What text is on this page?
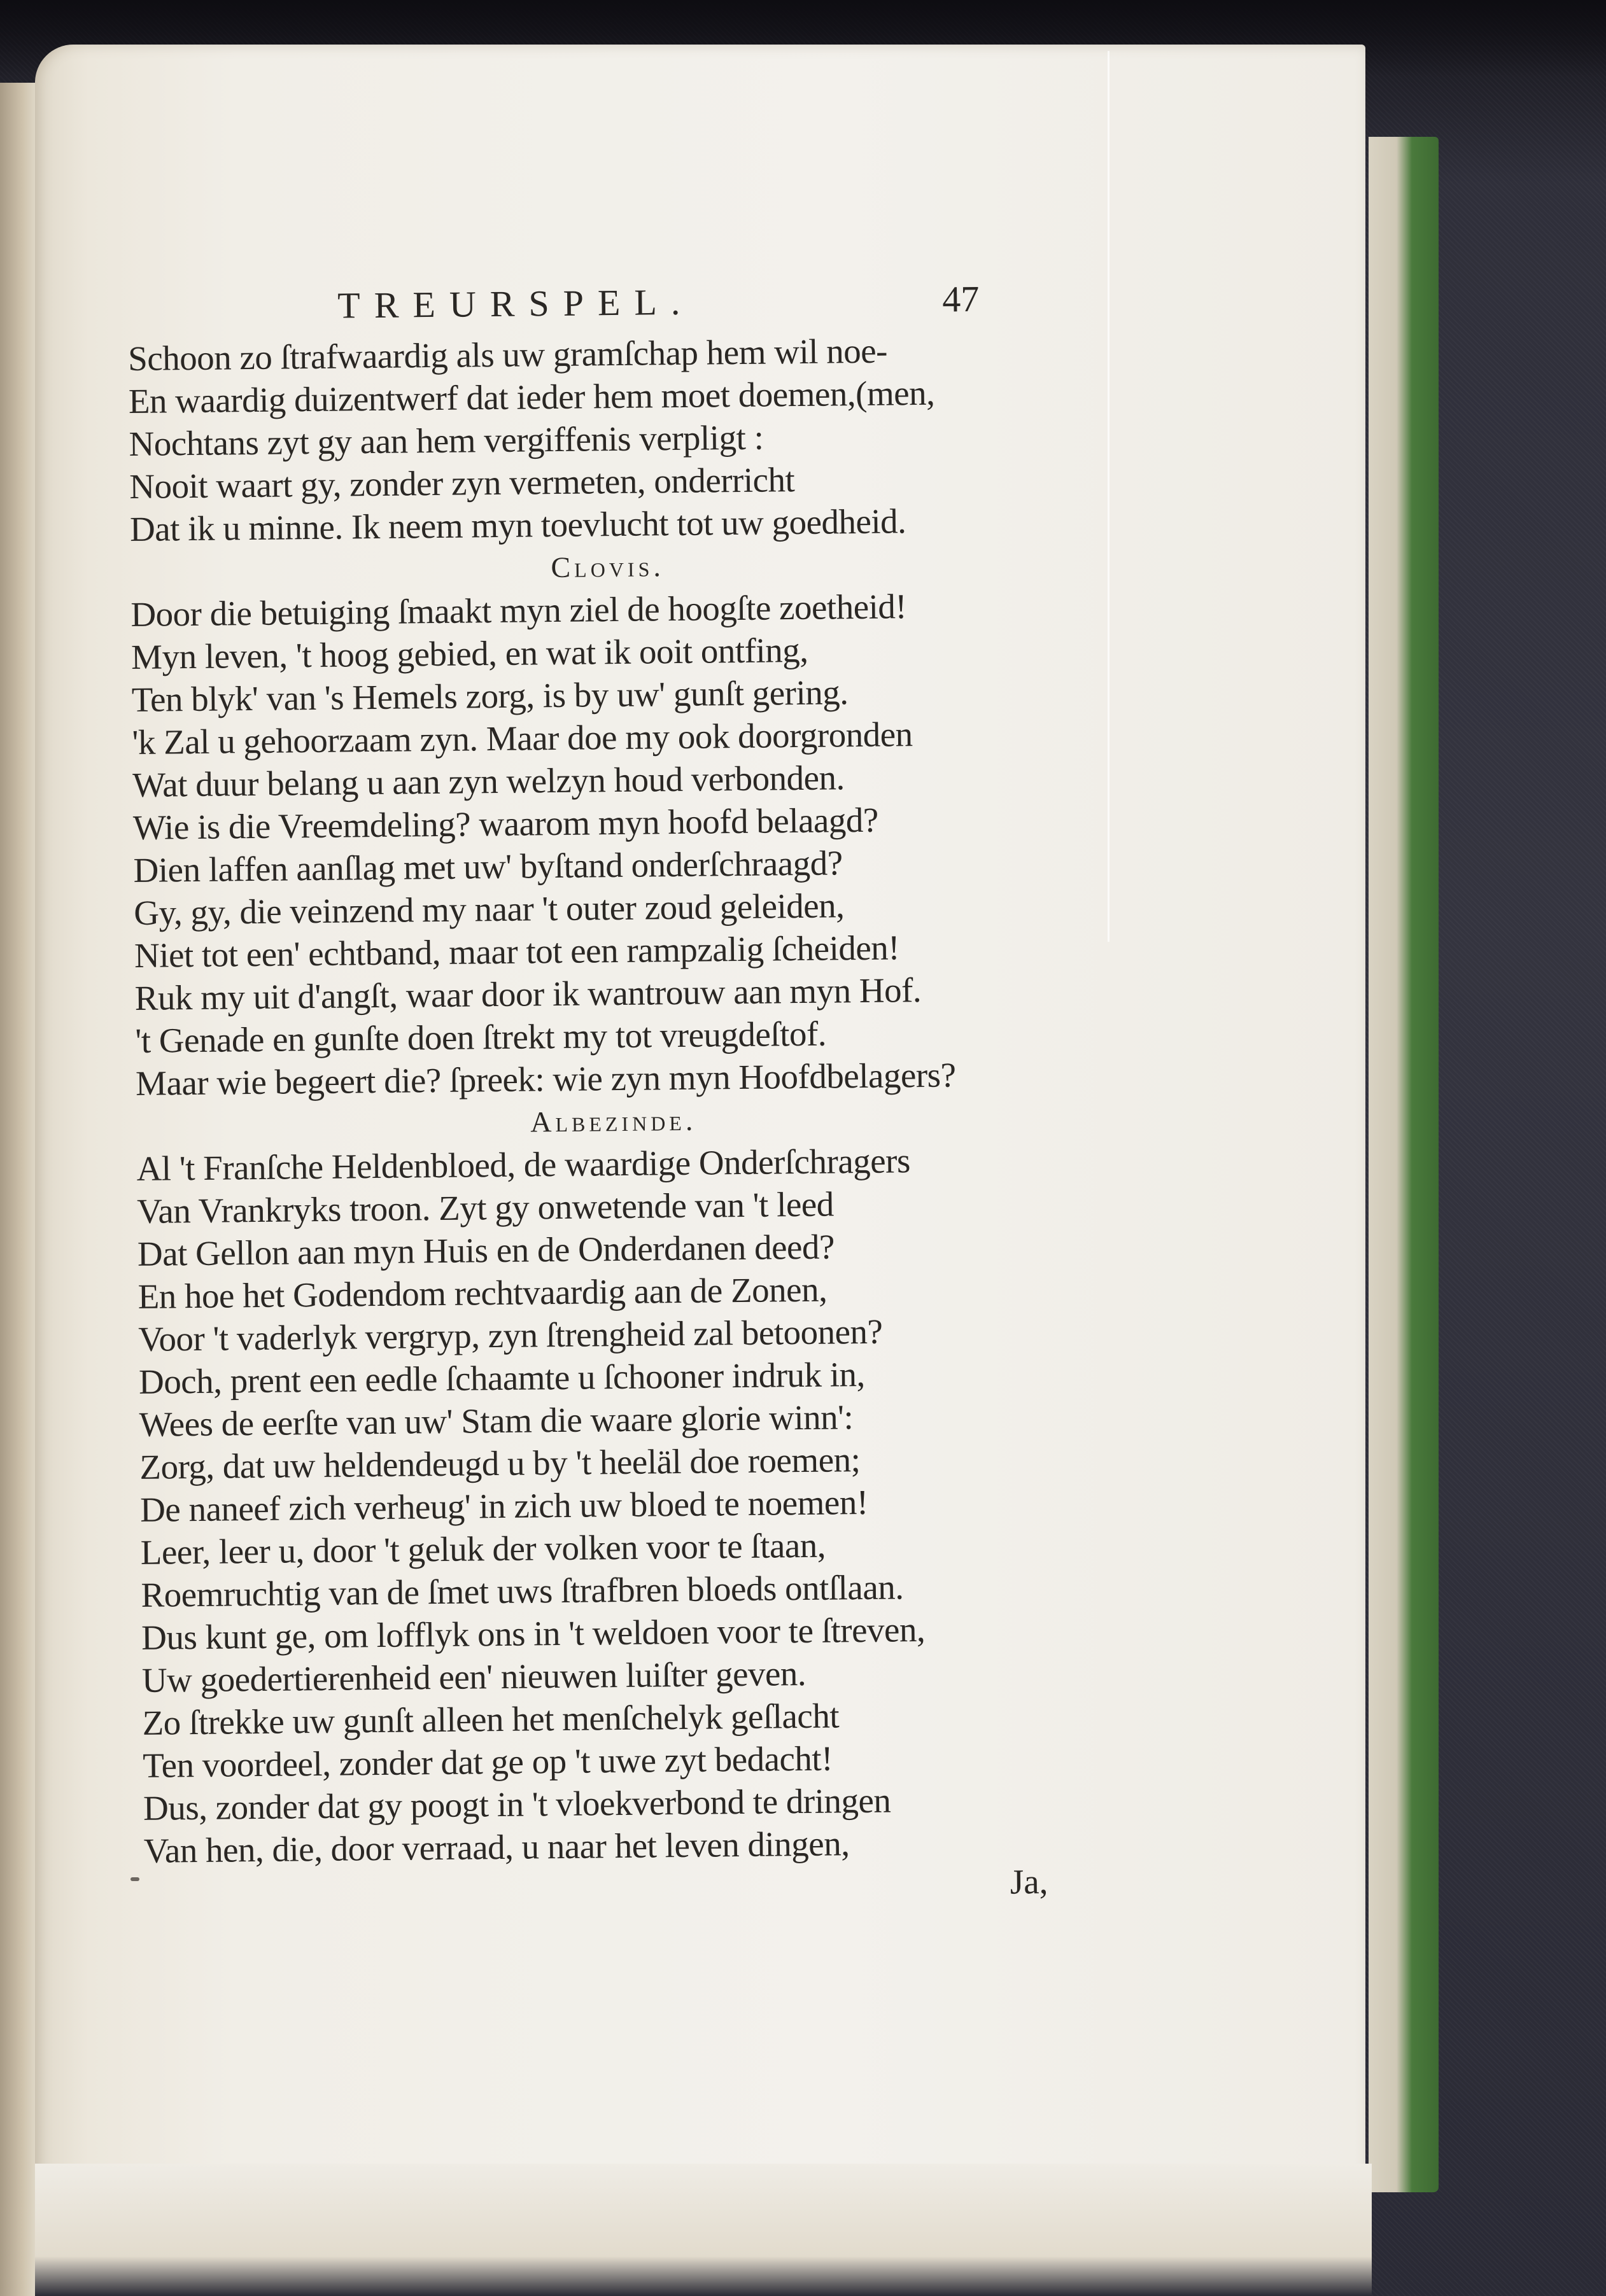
TREURSPEL.	47
Schoon zo ſtrafwaardig als uw gramſchap hem wil noe-
En waardig duizentwerf dat ieder hem moet doemen,(men,
Nochtans zyt gy aan hem vergiffenis verpligt :
Nooit waart gy, zonder zyn vermeten, onderricht
Dat ik u minne. Ik neem myn toevlucht tot uw goedheid.
Clovis.
Door die betuiging ſmaakt myn ziel de hoogſte zoetheid!
Myn leven, 't hoog gebied, en wat ik ooit ontfing,
Ten blyk' van 's Hemels zorg, is by uw' gunſt gering.
'k Zal u gehoorzaam zyn. Maar doe my ook doorgronden
Wat duur belang u aan zyn welzyn houd verbonden.
Wie is die Vreemdeling? waarom myn hoofd belaagd?
Dien laffen aanſlag met uw' byſtand onderſchraagd?
Gy, gy, die veinzend my naar 't outer zoud geleiden,
Niet tot een' echtband, maar tot een rampzalig ſcheiden!
Ruk my uit d'angſt, waar door ik wantrouw aan myn Hof.
't Genade en gunſte doen ſtrekt my tot vreugdeſtof.
Maar wie begeert die? ſpreek: wie zyn myn Hoofdbelagers?
Albezinde.
Al 't Franſche Heldenbloed, de waardige Onderſchragers
Van Vrankryks troon. Zyt gy onwetende van 't leed
Dat Gellon aan myn Huis en de Onderdanen deed?
En hoe het Godendom rechtvaardig aan de Zonen,
Voor 't vaderlyk vergryp, zyn ſtrengheid zal betoonen?
Doch, prent een eedle ſchaamte u ſchooner indruk in,
Wees de eerſte van uw' Stam die waare glorie winn':
Zorg, dat uw heldendeugd u by 't heeläl doe roemen;
De naneef zich verheug' in zich uw bloed te noemen!
Leer, leer u, door 't geluk der volken voor te ſtaan,
Roemruchtig van de ſmet uws ſtrafbren bloeds ontſlaan.
Dus kunt ge, om lofflyk ons in 't weldoen voor te ſtreven,
Uw goedertierenheid een' nieuwen luiſter geven.
Zo ſtrekke uw gunſt alleen het menſchelyk geſlacht
Ten voordeel, zonder dat ge op 't uwe zyt bedacht!
Dus, zonder dat gy poogt in 't vloekverbond te dringen
Van hen, die, door verraad, u naar het leven dingen,
Ja,
